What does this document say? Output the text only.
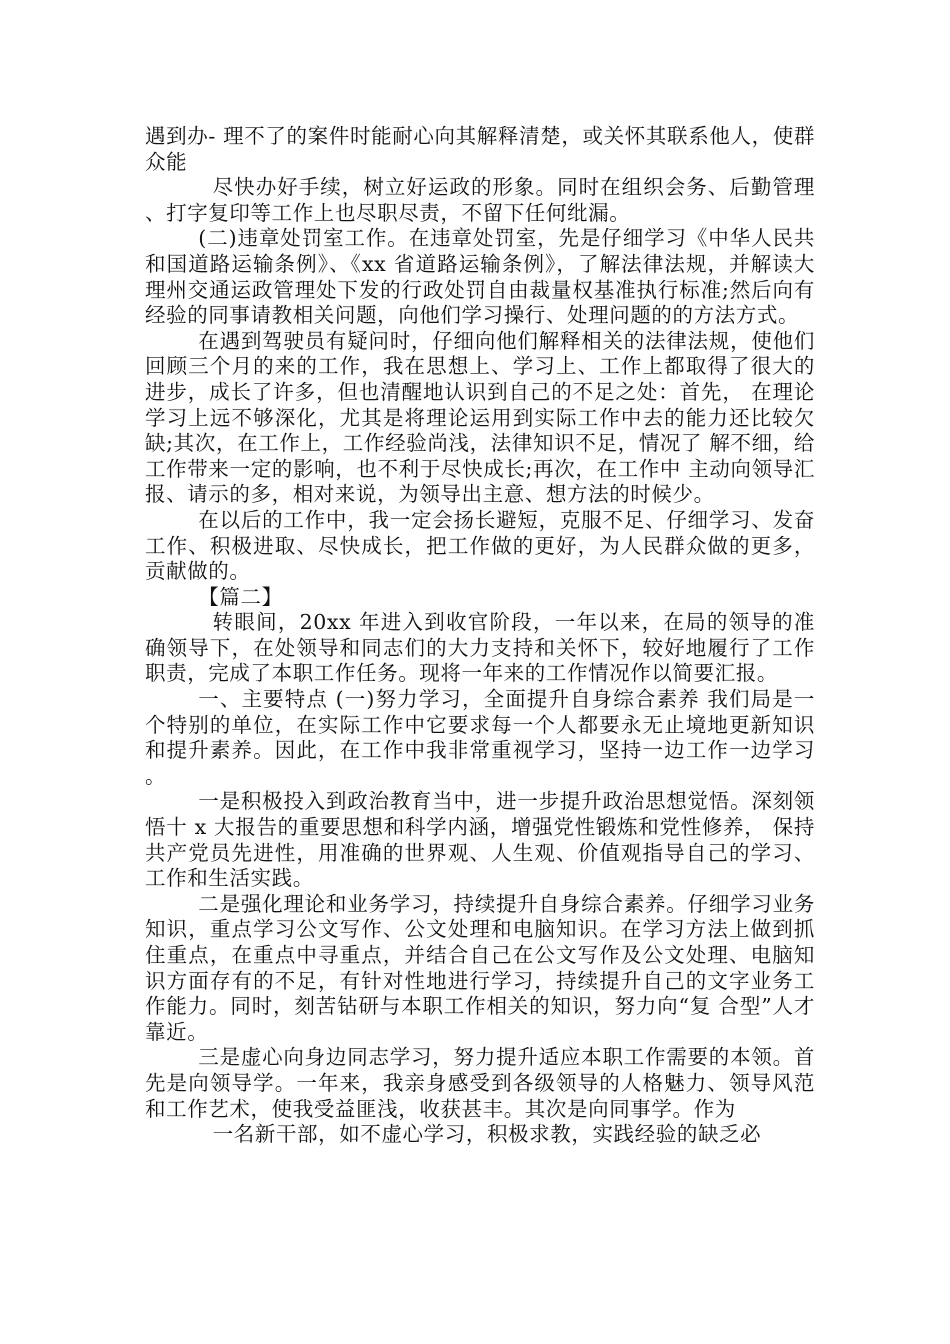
遇到办- 理不了的案件时能耐心向其解释清楚，或关怀其联系他人，使群众能

尽快办好手续，树立好运政的形象。同时在组织会务、后勤管理、打字复印等工作上也尽职尽责，不留下任何纰漏。

(二)违章处罚室工作。在违章处罚室，先是仔细学习《中华人民共和国道路运输条例》、《xx 省道路运输条例》，了解法律法规，并解读大理州交通运政管理处下发的行政处罚自由裁量权基准执行标准;然后向有经验的同事请教相关问题，向他们学习操行、处理问题的的方法方式。

在遇到驾驶员有疑问时，仔细向他们解释相关的法律法规，使他们回顾三个月的来的工作，我在思想上、学习上、工作上都取得了很大的进步，成长了许多，但也清醒地认识到自己的不足之处：首先， 在理论学习上远不够深化，尤其是将理论运用到实际工作中去的能力还比较欠缺;其次，在工作上，工作经验尚浅，法律知识不足，情况了 解不细，给工作带来一定的影响，也不利于尽快成长;再次，在工作中 主动向领导汇报、请示的多，相对来说，为领导出主意、想方法的时候少。

在以后的工作中，我一定会扬长避短，克服不足、仔细学习、发奋工作、积极进取、尽快成长，把工作做的更好，为人民群众做的更多，贡献做的。

【篇二】

转眼间，20xx 年进入到收官阶段，一年以来，在局的领导的准确领导下，在处领导和同志们的大力支持和关怀下，较好地履行了工作职责，完成了本职工作任务。现将一年来的工作情况作以简要汇报。

一、主要特点 (一)努力学习，全面提升自身综合素养 我们局是一个特别的单位，在实际工作中它要求每一个人都要永无止境地更新知识和提升素养。因此，在工作中我非常重视学习，坚持一边工作一边学习。

一是积极投入到政治教育当中，进一步提升政治思想觉悟。深刻领悟十 x 大报告的重要思想和科学内涵，增强党性锻炼和党性修养， 保持共产党员先进性，用准确的世界观、人生观、价值观指导自己的学习、工作和生活实践。

二是强化理论和业务学习，持续提升自身综合素养。仔细学习业务知识，重点学习公文写作、公文处理和电脑知识。在学习方法上做到抓住重点，在重点中寻重点，并结合自己在公文写作及公文处理、电脑知识方面存有的不足，有针对性地进行学习，持续提升自己的文字业务工作能力。同时，刻苦钻研与本职工作相关的知识，努力向“复 合型”人才靠近。

三是虚心向身边同志学习，努力提升适应本职工作需要的本领。首先是向领导学。一年来，我亲身感受到各级领导的人格魅力、领导风范和工作艺术，使我受益匪浅，收获甚丰。其次是向同事学。作为

一名新干部，如不虚心学习，积极求教，实践经验的缺乏必
